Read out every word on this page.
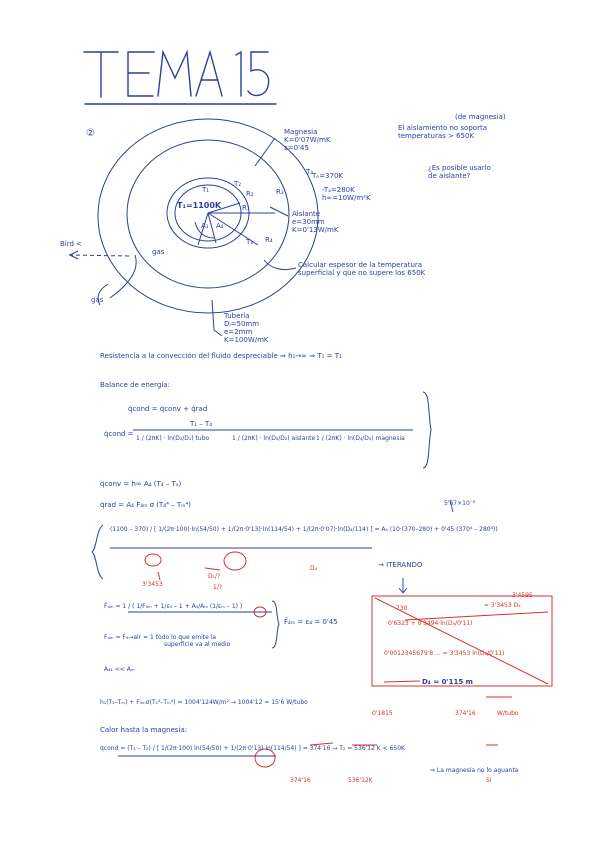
②
T₁=1100K
T₁
T₂
T₃
T₄
R₁
R₂	R₃
R₄
A₁ A₄
Magnesia
K=0'07W/mK
ε=0'45
Tₑ=370K
-Tₐ=280K
h∞=10W/m²K
Aislante
e=30mm
K=0'13W/mK
Calcular espesor de la temperatura
superficial y que no supere los 650K
Tubería
Dᵢ=50mm
e=2mm
K=100W/mK
Bird <
gas
gas
(de magnesia)
El aislamiento no soporta
temperaturas > 650K
¿Es posible usarlo
de aislante?
Resistencia a la convección del fluido despreciable ⇒ h₁→∞ ⇒ T₁ = T₁
Balance de energía:
q̇cond = q̇conv + q̇rad
q̇cond =
T₁ – T₄
1 / (2πK) · ln(D₂/D₁) tubo	1 / (2πK) · ln(D₃/D₂) aislante 1 / (2πK) · ln(D₄/D₃) magnesia
q̇conv = h∞ A₄ (T₄ – Tₐ)
q̇rad = A₄ F₄ₘ σ (T₄⁴ – Tₘ⁴)	5'67×10⁻⁸
(1100 – 370) / [ 1/(2π·100)·ln(54/50) + 1/(2π·0'13)·ln(114/54) + 1/(2π·0'07)·ln(D₄/114) ] = A₄ (10·(370–280) + 0'45 (370⁴ – 280⁴))
3'3453
D₁/?
1/?
D₄	→ ITERANDO
F̄₄ₘ = 1 / ( 1/F₄ₘ + 1/ε₄ – 1 + A₄/Aₘ (1/εₘ – 1) )
F̄₄ₘ = ε₄ = 0'45
F₄ₘ = F₄→alr = 1 todo lo que emite la
superficie va al medio
A₄₁ << Aₘ
730
0'6323 + 0'3494·ln(D₄/0'11)
= 3'3453 D₄
3'4595
0'0012345679'8 ... = 3'3453 ln(D₄/0'11)
D₄ ≈ 0'115 m
h₁(T₁–Tₘ) + F₄ₘσ(T₁⁴–Tₘ⁴) = 1004'124W/m² → 1004'12 ≈ 15'6 W/tubo
0'1815	374'16	W/tubo
Calor hasta la magnesia:
q̇cond = (T₁ – T₂) / [ 1/(2π·100) ln(54/50) + 1/(2π·0'13) ln(114/54) ] = 374'16 → T₂ = 536'12 K < 650K
⇒ La magnesia no lo aguanta
374'16	536'12K	Si
